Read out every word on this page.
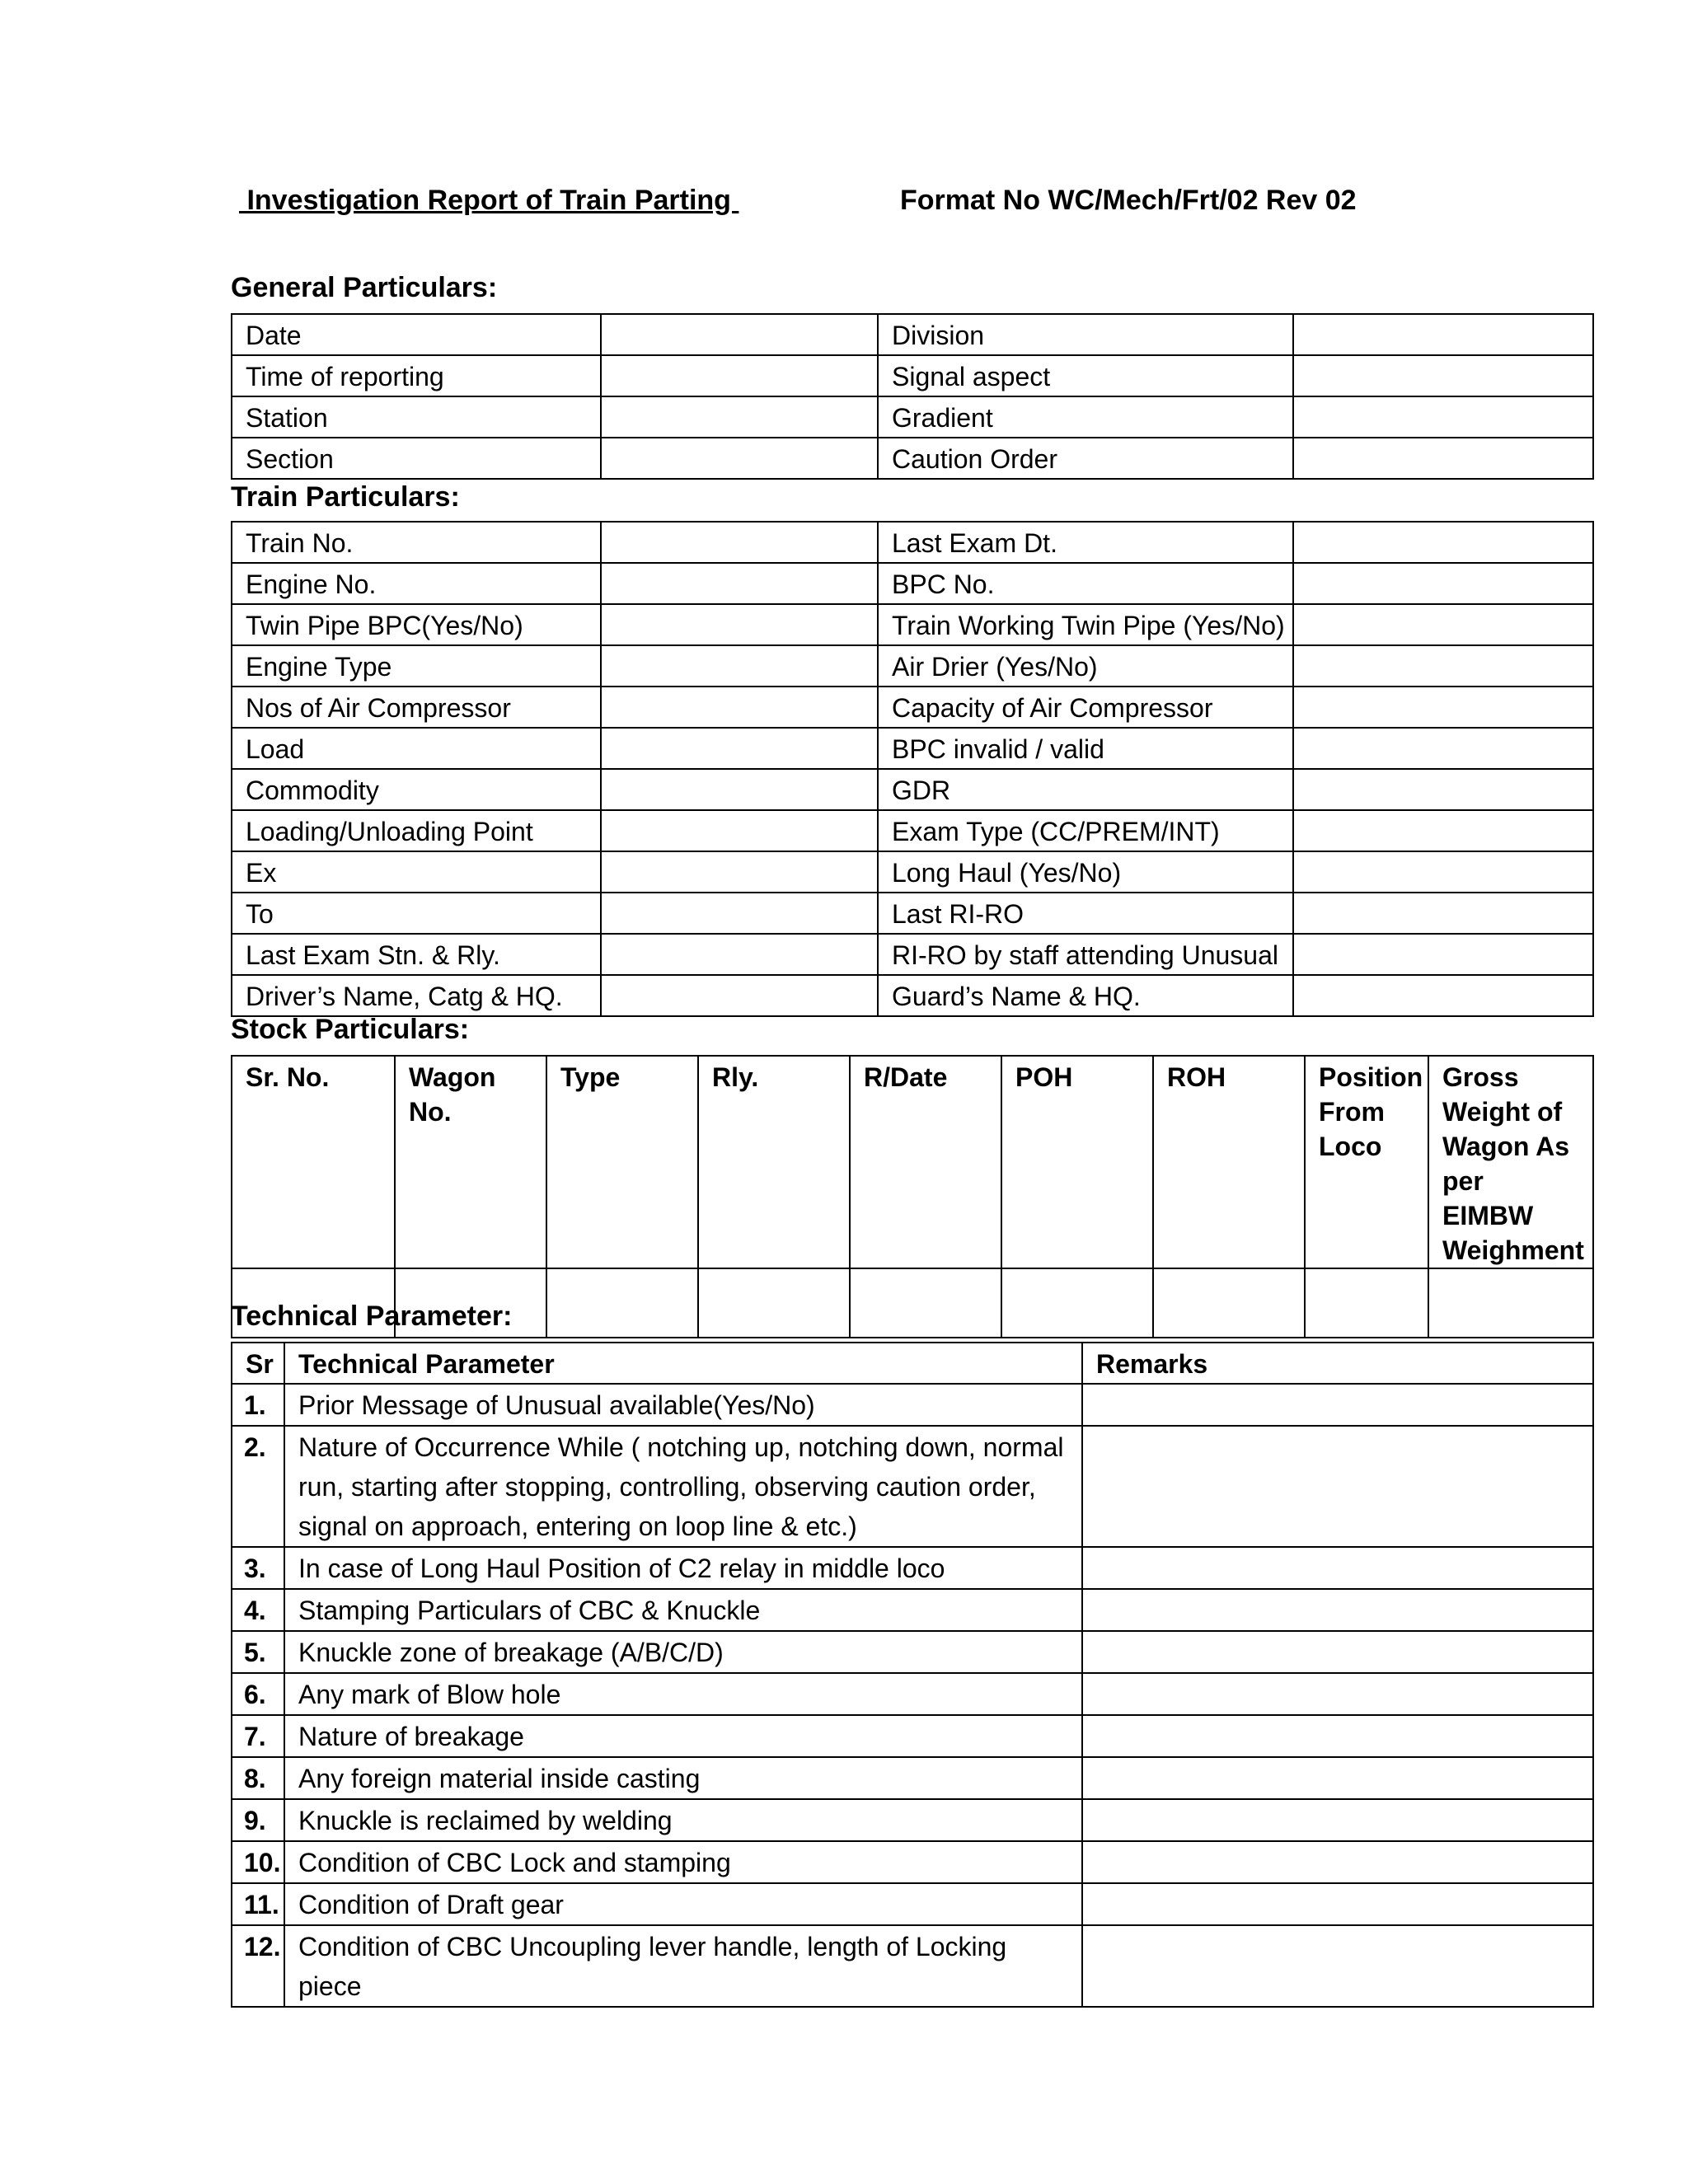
Investigation Report of Train Parting	Format No WC/Mech/Frt/02 Rev 02
General Particulars:
Date		Division	
Time of reporting		Signal aspect	
Station		Gradient	
Section		Caution Order	
Train Particulars:
Train No.		Last Exam Dt.	
Engine No.		BPC No.	
Twin Pipe BPC(Yes/No)		Train Working Twin Pipe (Yes/No)	
Engine Type		Air Drier (Yes/No)	
Nos of Air Compressor		Capacity of Air Compressor	
Load		BPC invalid / valid	
Commodity		GDR	
Loading/Unloading Point		Exam Type (CC/PREM/INT)	
Ex		Long Haul (Yes/No)	
To		Last RI-RO	
Last Exam Stn. & Rly.		RI-RO by staff attending Unusual	
Driver’s Name, Catg & HQ.		Guard’s Name & HQ.	
Stock Particulars:
Sr. No.	Wagon No.	Type	Rly.	R/Date	POH	ROH	Position From Loco	Gross Weight of Wagon As per EIMBW Weighment

Technical Parameter:
Sr	Technical Parameter	Remarks
1.	Prior Message of Unusual available(Yes/No)	
2.	Nature of Occurrence While ( notching up, notching down, normal run, starting after stopping, controlling, observing caution order, signal on approach, entering on loop line & etc.)	
3.	In case of Long Haul Position of C2 relay in middle loco	
4.	Stamping Particulars of CBC & Knuckle	
5.	Knuckle zone of breakage (A/B/C/D)	
6.	Any mark of Blow hole	
7.	Nature of breakage	
8.	Any foreign material inside casting	
9.	Knuckle is reclaimed by welding	
10.	Condition of CBC Lock and stamping	
11.	Condition of Draft gear	
12.	Condition of CBC Uncoupling lever handle, length of Locking piece	
